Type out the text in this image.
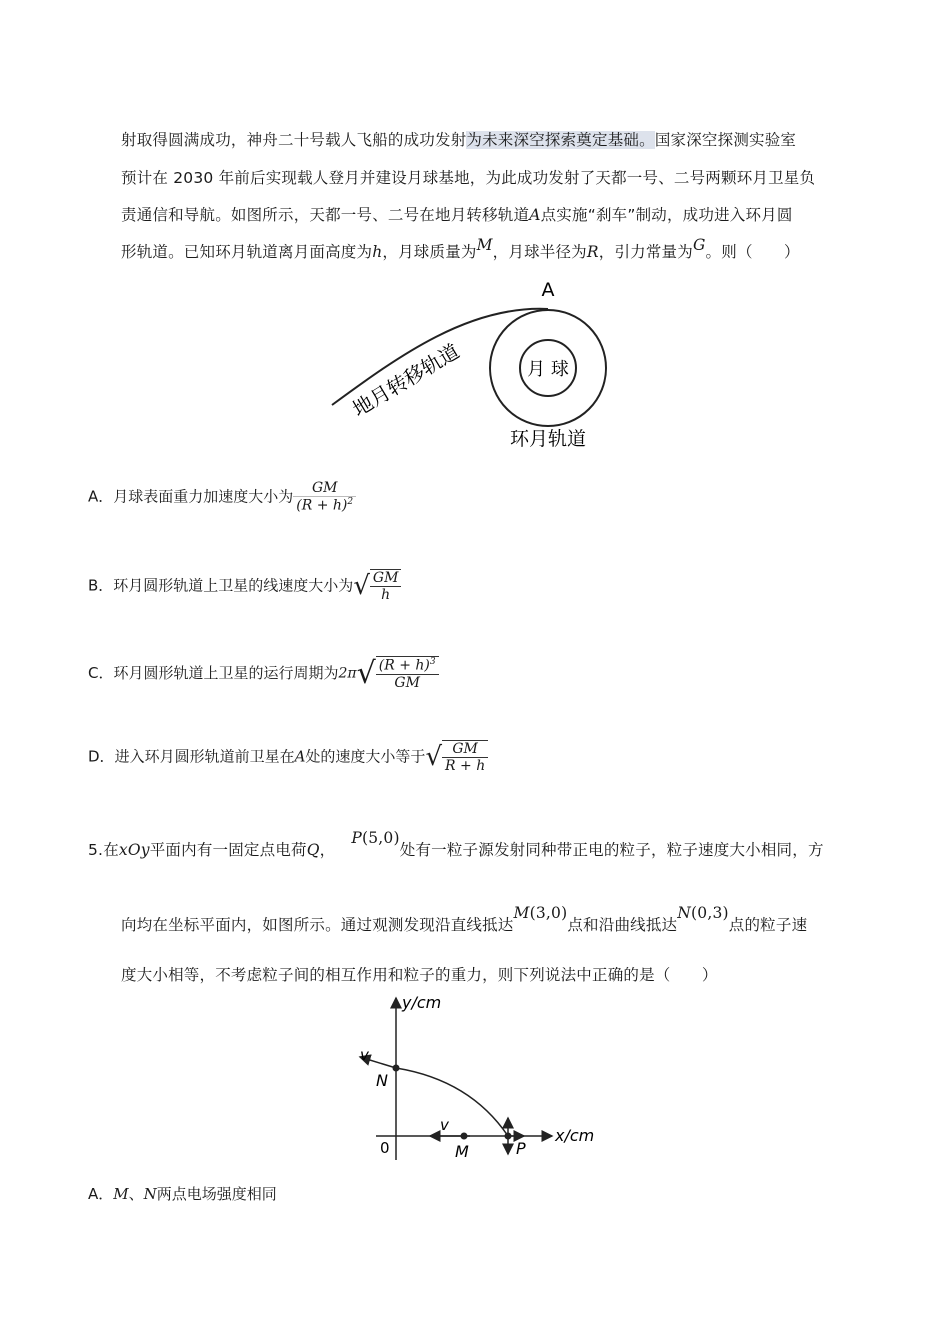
射取得圆满成功，神舟二十号载人飞船的成功发射为未来深空探索奠定基础。国家深空探测实验室
预计在 2030 年前后实现载人登月并建设月球基地，为此成功发射了天都一号、二号两颗环月卫星负
责通信和导航。如图所示，天都一号、二号在地月转移轨道A点实施“刹车”制动，成功进入环月圆
形轨道。已知环月轨道离月面高度为h，月球质量为M，月球半径为R，引力常量为G。则（　　）
A
月 球
地月转移轨道
环月轨道
A．月球表面重力加速度大小为 $\frac{GM}{(R + h)^2}$
B．环月圆形轨道上卫星的线速度大小为√ $\frac{GM}{h}$
C．环月圆形轨道上卫星的运行周期为$2\pi√ \frac{(R + h)^3}{GM}$
D．进入环月圆形轨道前卫星在A处的速度大小等于√ $\frac{GM}{R + h}$
5.在xOy平面内有一固定点电荷Q，P(5,0)处有一粒子源发射同种带正电的粒子，粒子速度大小相同，方
向均在坐标平面内，如图所示。通过观测发现沿直线抵达M(3,0)点和沿曲线抵达N(0,3)点的粒子速
度大小相等，不考虑粒子间的相互作用和粒子的重力，则下列说法中正确的是（　　）
y/cm
x/cm
0
v
N
v
M	P
A．M、N两点电场强度相同
